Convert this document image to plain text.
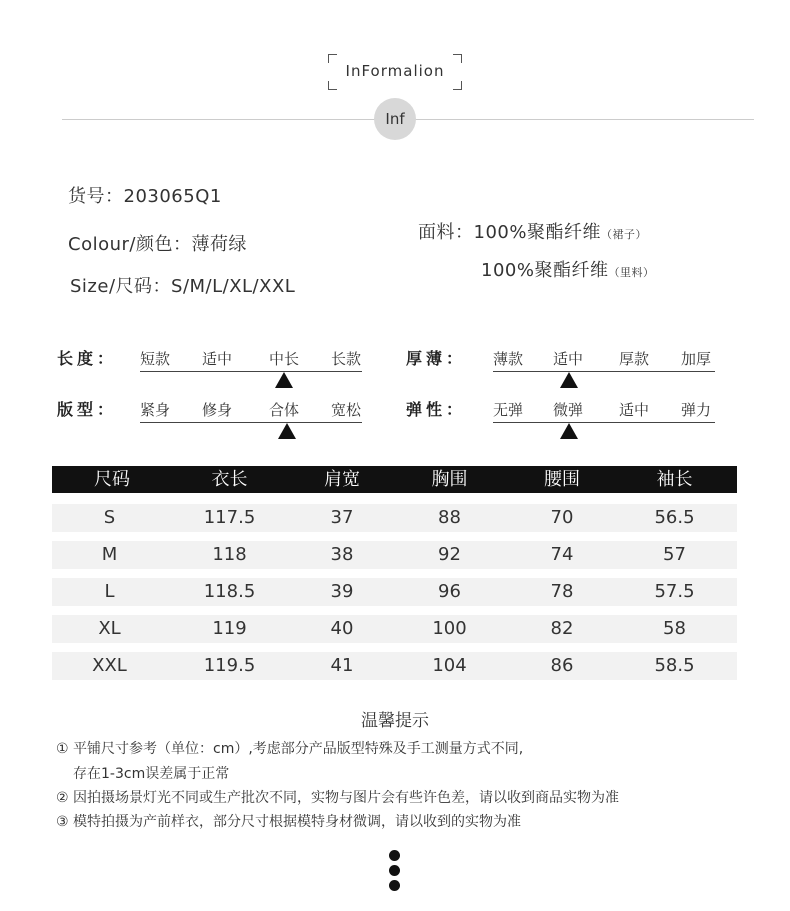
InFormalion
Inf
货号：203065Q1
Colour/颜色：薄荷绿
Size/尺码：S/M/L/XL/XXL
面料：100%聚酯纤维（裙子）
100%聚酯纤维（里料）
长度： 短款 适中 中长 长款	厚薄： 薄款 适中 厚款 加厚
版型： 紧身 修身 合体 宽松	弹性： 无弹 微弹 适中 弹力
尺码	衣长	肩宽	胸围	腰围	袖长
S	117.5	37	88	70	56.5
M	118	38	92	74	57
L	118.5	39	96	78	57.5
XL	119	40	100	82	58
XXL	119.5	41	104	86	58.5
温馨提示
① 平铺尺寸参考（单位：cm）,考虑部分产品版型特殊及手工测量方式不同,
存在1-3cm误差属于正常
② 因拍摄场景灯光不同或生产批次不同，实物与图片会有些许色差，请以收到商品实物为准
③ 模特拍摄为产前样衣，部分尺寸根据模特身材微调，请以收到的实物为准
